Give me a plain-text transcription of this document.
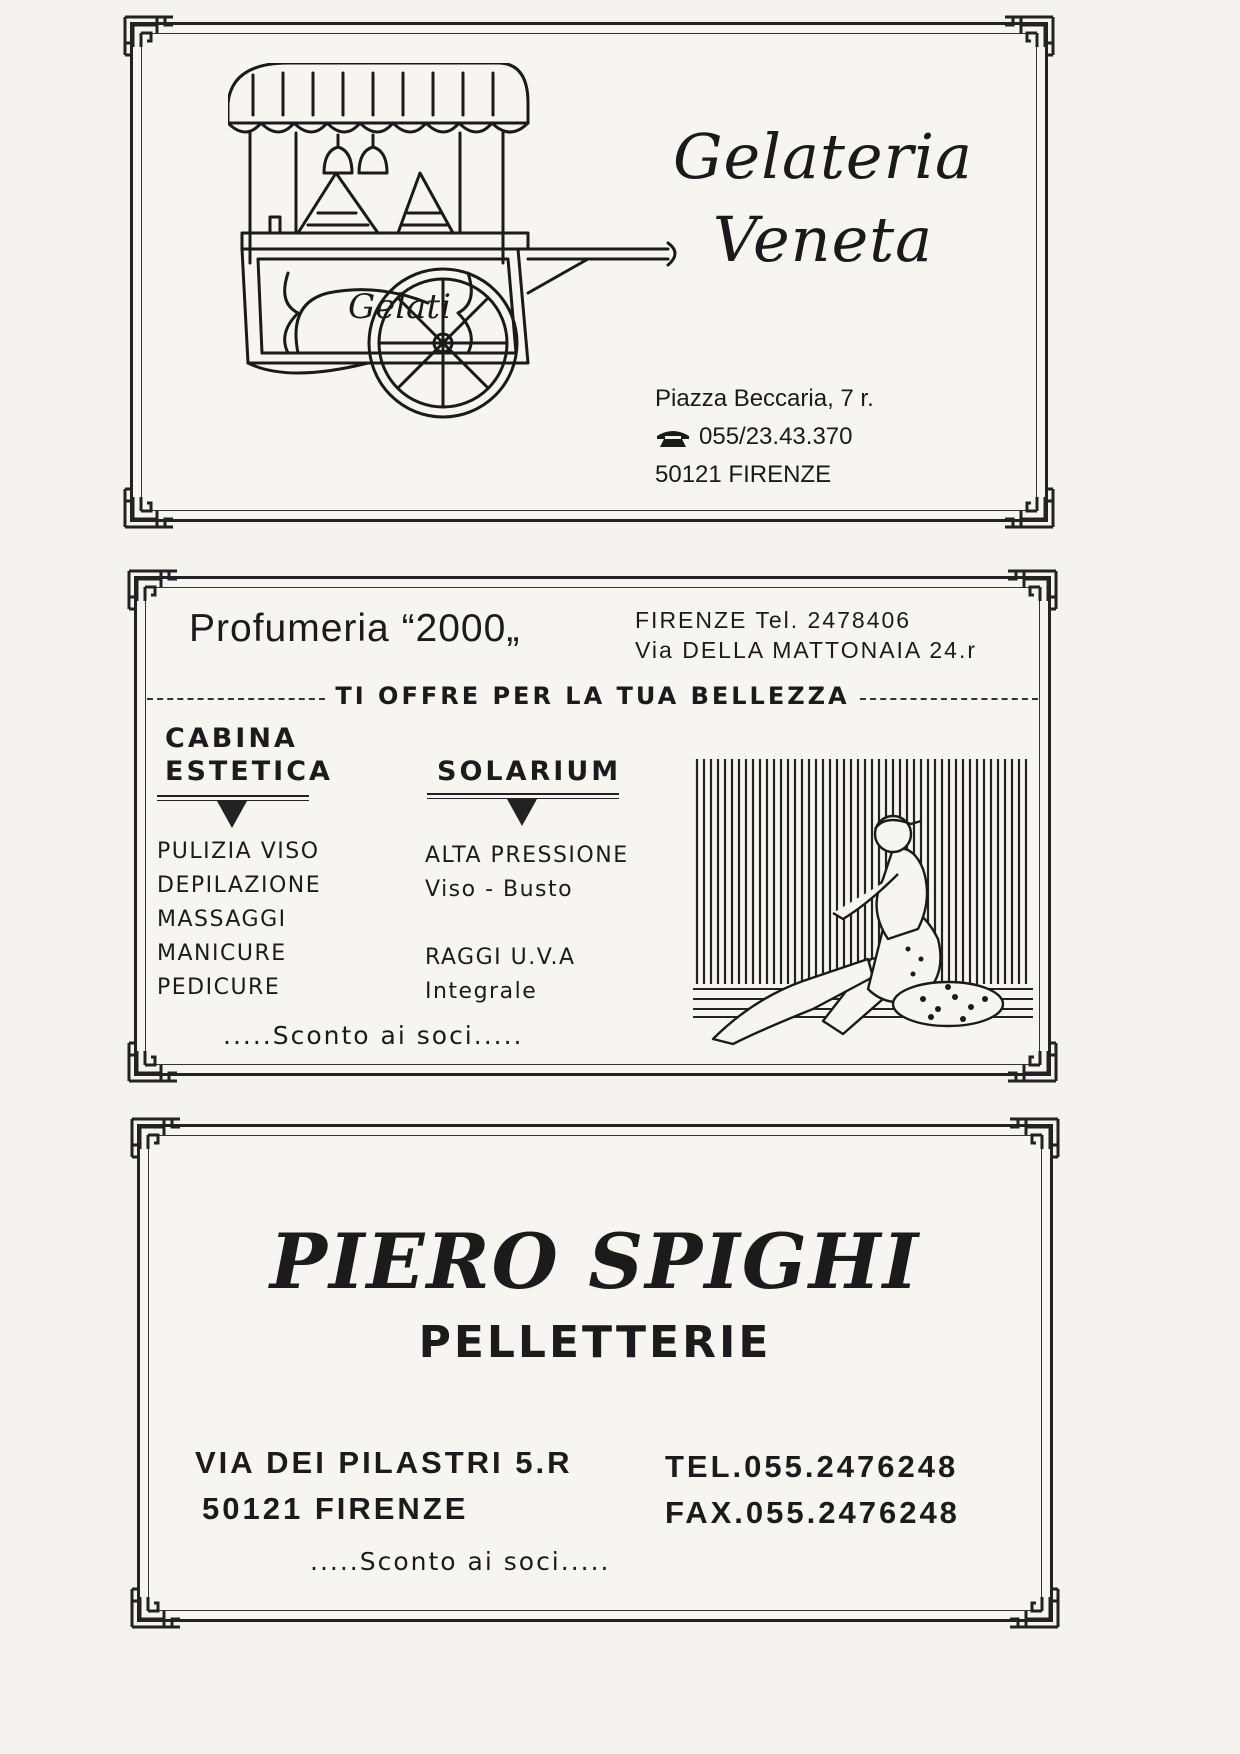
Gelati
Gelateria
Veneta
Piazza Beccaria, 7 r.
055/23.43.370
50121 FIRENZE
Profumeria “2000„	FIRENZE Tel. 2478406
Via DELLA MATTONAIA 24.r
TI OFFRE PER LA TUA BELLEZZA
CABINA
ESTETICA	SOLARIUM
PULIZIA VISO
DEPILAZIONE
MASSAGGI
MANICURE
PEDICURE
ALTA PRESSIONE
Viso - Busto
RAGGI U.V.A
Integrale
.....Sconto ai soci.....
PIERO SPIGHI
PELLETTERIE
VIA DEI PILASTRI 5.R
50121 FIRENZE
TEL.055.2476248
FAX.055.2476248
.....Sconto ai soci.....
